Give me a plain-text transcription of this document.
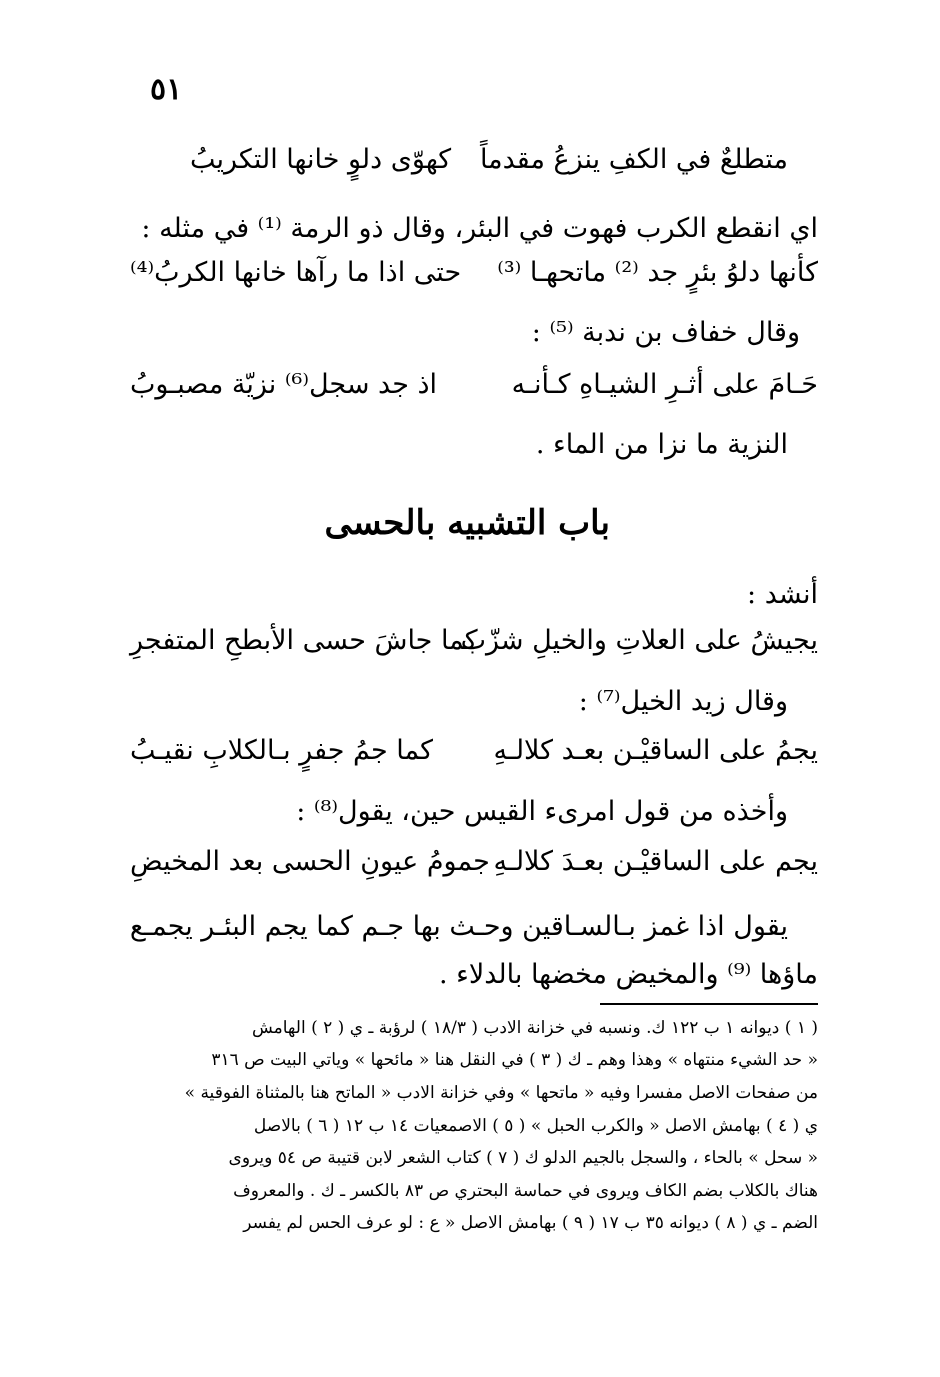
٥١
متطلعٌ في الكفِ ينزعُ مقدماً
كهوّى دلوٍ خانها التكريبُ
اي انقطع الكرب فهوت في البئر، وقال ذو الرمة ⁽¹⁾ في مثله :
كأنها دلوُ بئرٍ جد ⁽²⁾ ماتحهـا ⁽³⁾
حتى اذا ما رآها خانها الكربُ⁽⁴⁾
وقال خفاف بن ندبة ⁽⁵⁾ :
حَـامَ على أثـرِ الشيـاهِ كـأنـه
اذ جد سجل⁽⁶⁾ نزيّة مصبـوبُ
النزية ما نزا من الماء .
باب التشبيه بالحسى
أنشد :
يجيشُ على العلاتِ والخيلِ شزّب
كما جاشَ حسى الأبطحِ المتفجرِ
وقال زيد الخيل⁽⁷⁾ :
يجمُ على الساقيْـن بعـد كلالـهِ
كما جمُ جفرٍ بـالكلابِ نقيـبُ
وأخذه من قول امرىء القيس حين، يقول⁽⁸⁾ :
يجم على الساقيْـن بعـدَ كلالـهِ
جمومُ عيونِ الحسى بعد المخيضِ
يقول اذا غمز بـالسـاقين وحـث بها جـم كما يجم البئـر يجمـع
ماؤها ⁽⁹⁾ والمخيض مخضها بالدلاء .
( ١ ) ديوانه ١ ب ١٢٢ ك. ونسبه في خزانة الادب ( ١٨/٣ ) لرؤبة ـ ي ( ٢ ) الهامش
« حد الشيء منتهاه » وهذا وهم ـ ك ( ٣ ) في النقل هنا « مائحها » وياتي البيت ص ٣١٦
من صفحات الاصل مفسرا وفيه « ماتحها » وفي خزانة الادب « الماتح هنا بالمثناة الفوقية »
ي ( ٤ ) بهامش الاصل « والكرب الحبل » ( ٥ ) الاصمعيات ١٤ ب ١٢ ( ٦ ) بالاصل
« سحل » بالحاء ، والسجل بالجيم الدلو ك ( ٧ ) كتاب الشعر لابن قتيبة ص ٥٤ ويروى
هناك بالكلاب بضم الكاف ويروى في حماسة البحتري ص ٨٣ بالكسر ـ ك . والمعروف
الضم ـ ي ( ٨ ) ديوانه ٣٥ ب ١٧ ( ٩ ) بهامش الاصل « ع : لو عرف الحس لم يفسر
